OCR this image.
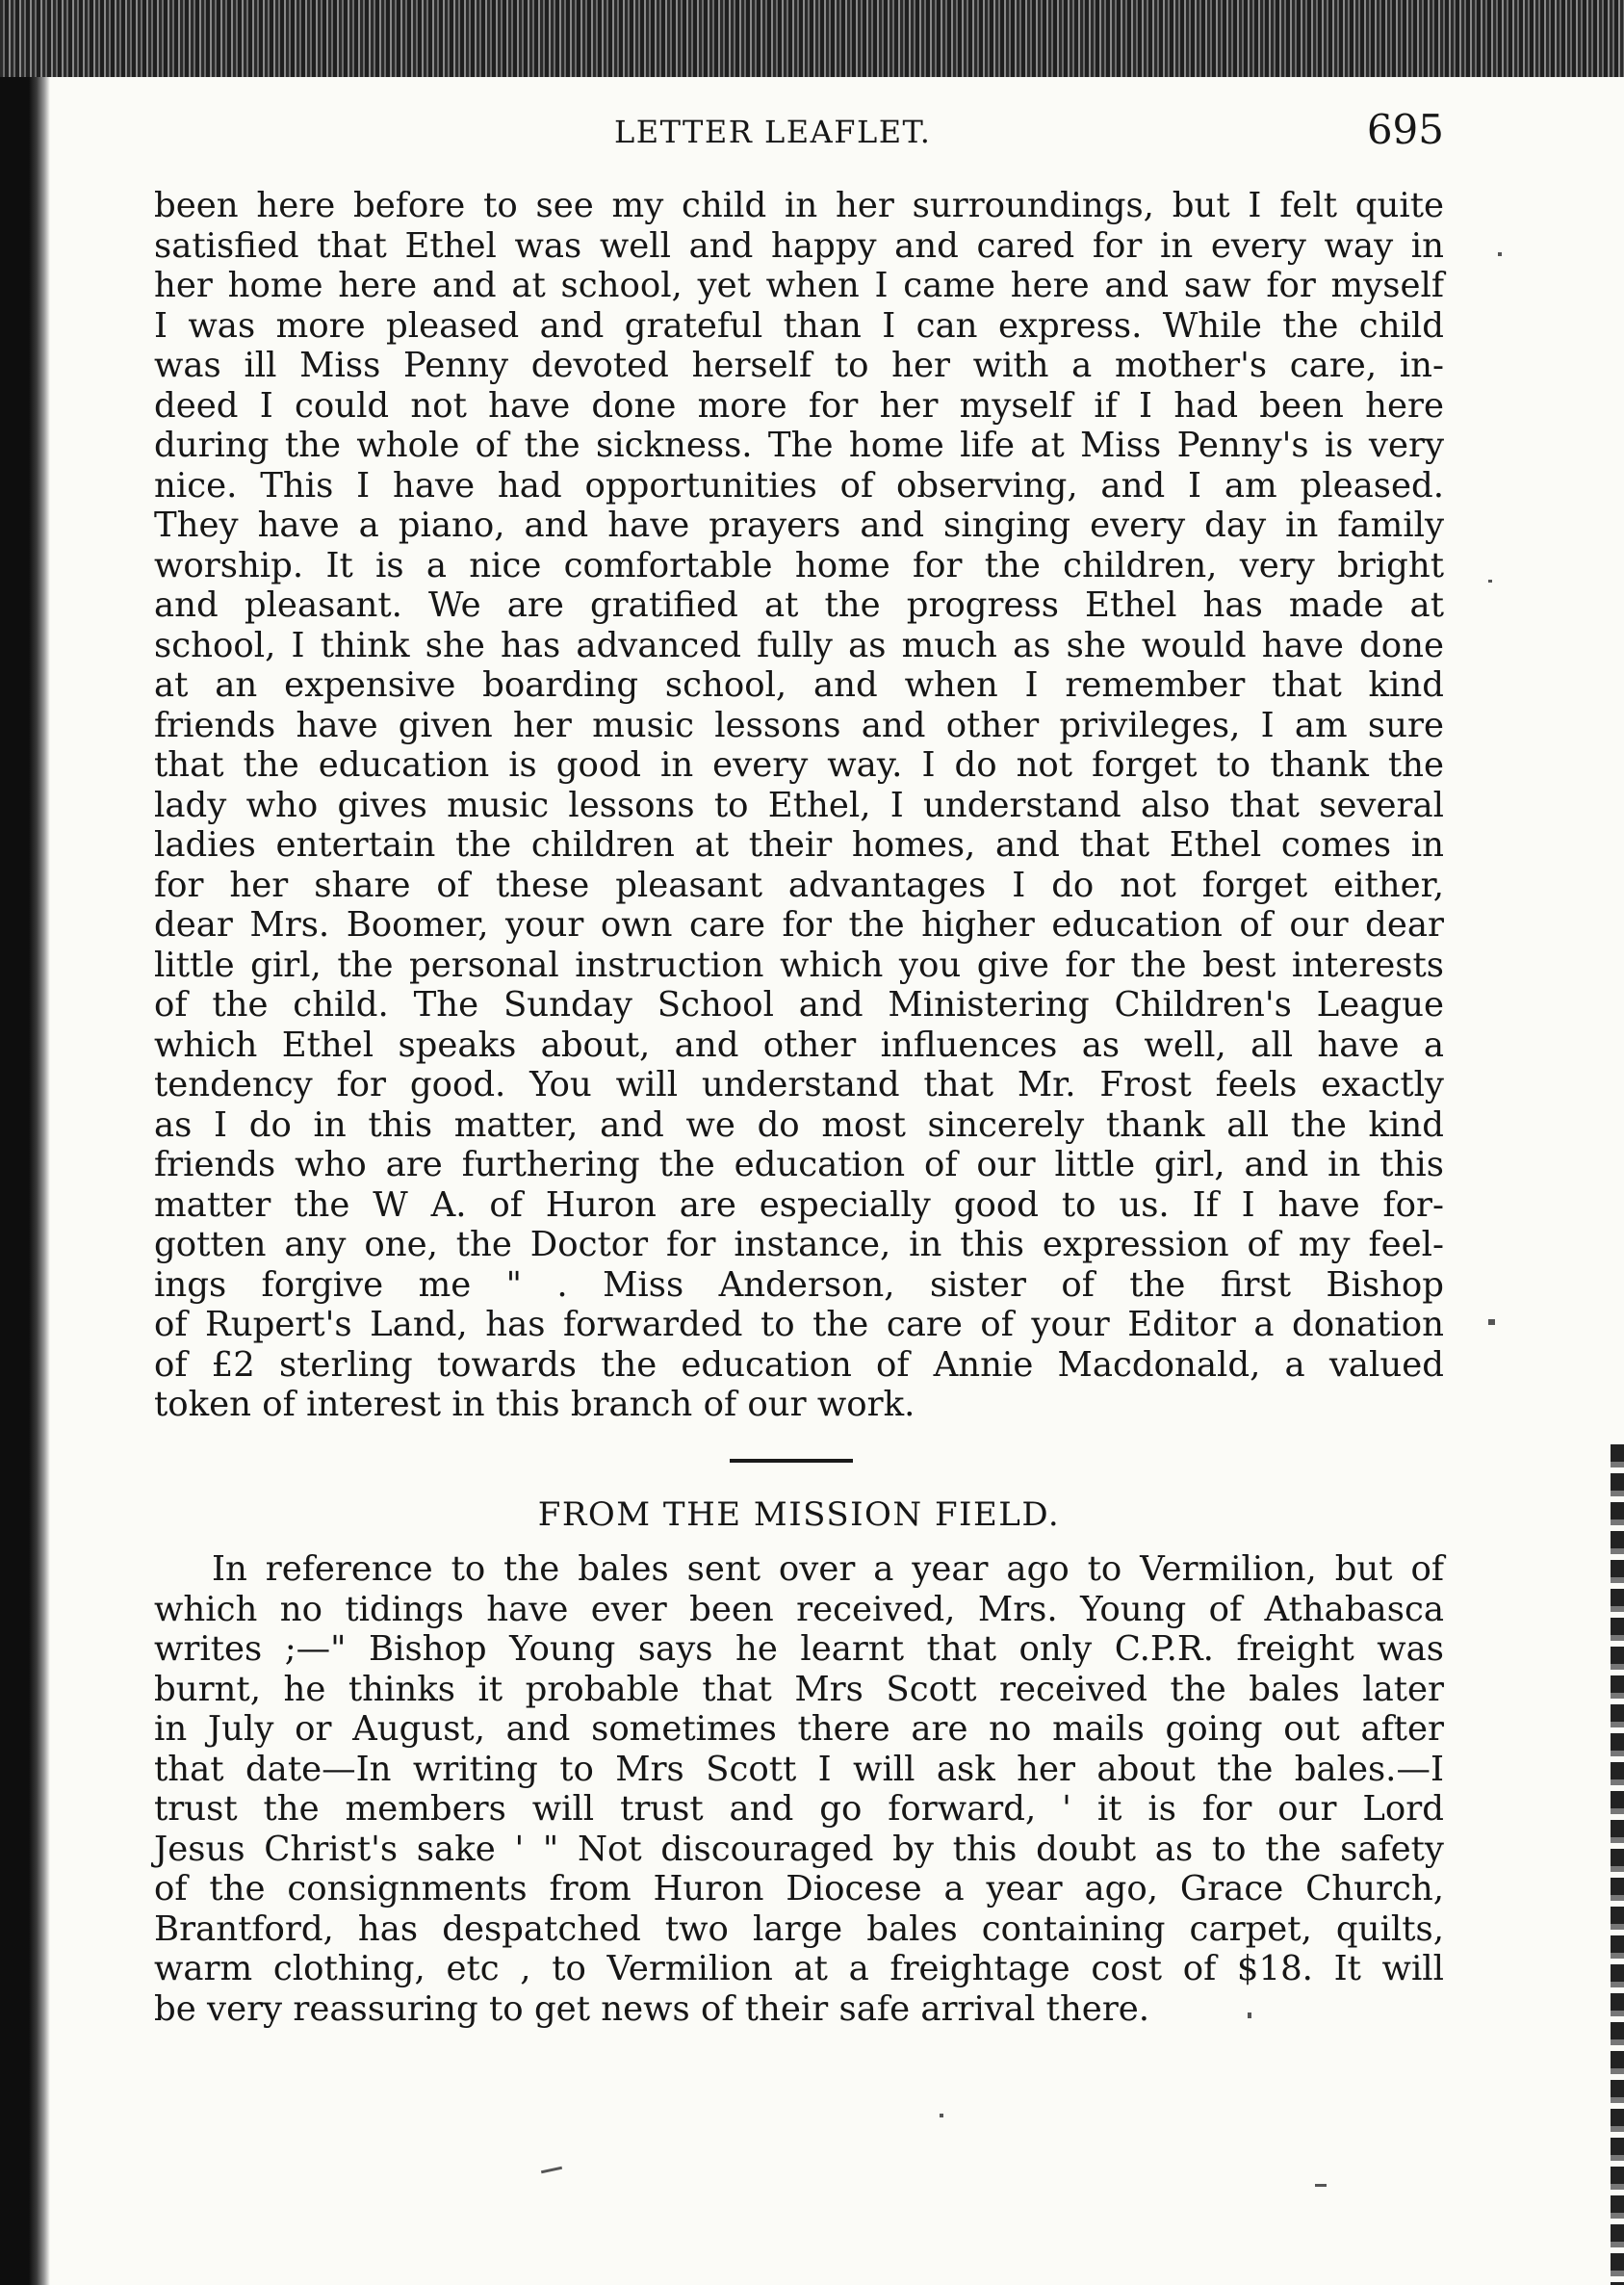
LETTER LEAFLET.	695
been here before to see my child in her surroundings, but I felt quite
satisfied that Ethel was well and happy and cared for in every way in
her home here and at school, yet when I came here and saw for myself
I was more pleased and grateful than I can express. While the child
was ill Miss Penny devoted herself to her with a mother's care, in-
deed I could not have done more for her myself if I had been here
during the whole of the sickness. The home life at Miss Penny's is very
nice. This I have had opportunities of observing, and I am pleased.
They have a piano, and have prayers and singing every day in family
worship. It is a nice comfortable home for the children, very bright
and pleasant. We are gratified at the progress Ethel has made at
school, I think she has advanced fully as much as she would have done
at an expensive boarding school, and when I remember that kind
friends have given her music lessons and other privileges, I am sure
that the education is good in every way. I do not forget to thank the
lady who gives music lessons to Ethel, I understand also that several
ladies entertain the children at their homes, and that Ethel comes in
for her share of these pleasant advantages I do not forget either,
dear Mrs. Boomer, your own care for the higher education of our dear
little girl, the personal instruction which you give for the best interests
of the child. The Sunday School and Ministering Children's League
which Ethel speaks about, and other influences as well, all have a
tendency for good. You will understand that Mr. Frost feels exactly
as I do in this matter, and we do most sincerely thank all the kind
friends who are furthering the education of our little girl, and in this
matter the W A. of Huron are especially good to us. If I have for-
gotten any one, the Doctor for instance, in this expression of my feel-
ings forgive me " . Miss Anderson, sister of the first Bishop
of Rupert's Land, has forwarded to the care of your Editor a donation
of £2 sterling towards the education of Annie Macdonald, a valued
token of interest in this branch of our work.
FROM THE MISSION FIELD.
In reference to the bales sent over a year ago to Vermilion, but of
which no tidings have ever been received, Mrs. Young of Athabasca
writes ;—" Bishop Young says he learnt that only C.P.R. freight was
burnt, he thinks it probable that Mrs Scott received the bales later
in July or August, and sometimes there are no mails going out after
that date—In writing to Mrs Scott I will ask her about the bales.—I
trust the members will trust and go forward, ' it is for our Lord
Jesus Christ's sake ' " Not discouraged by this doubt as to the safety
of the consignments from Huron Diocese a year ago, Grace Church,
Brantford, has despatched two large bales containing carpet, quilts,
warm clothing, etc , to Vermilion at a freightage cost of $18. It will
be very reassuring to get news of their safe arrival there.
